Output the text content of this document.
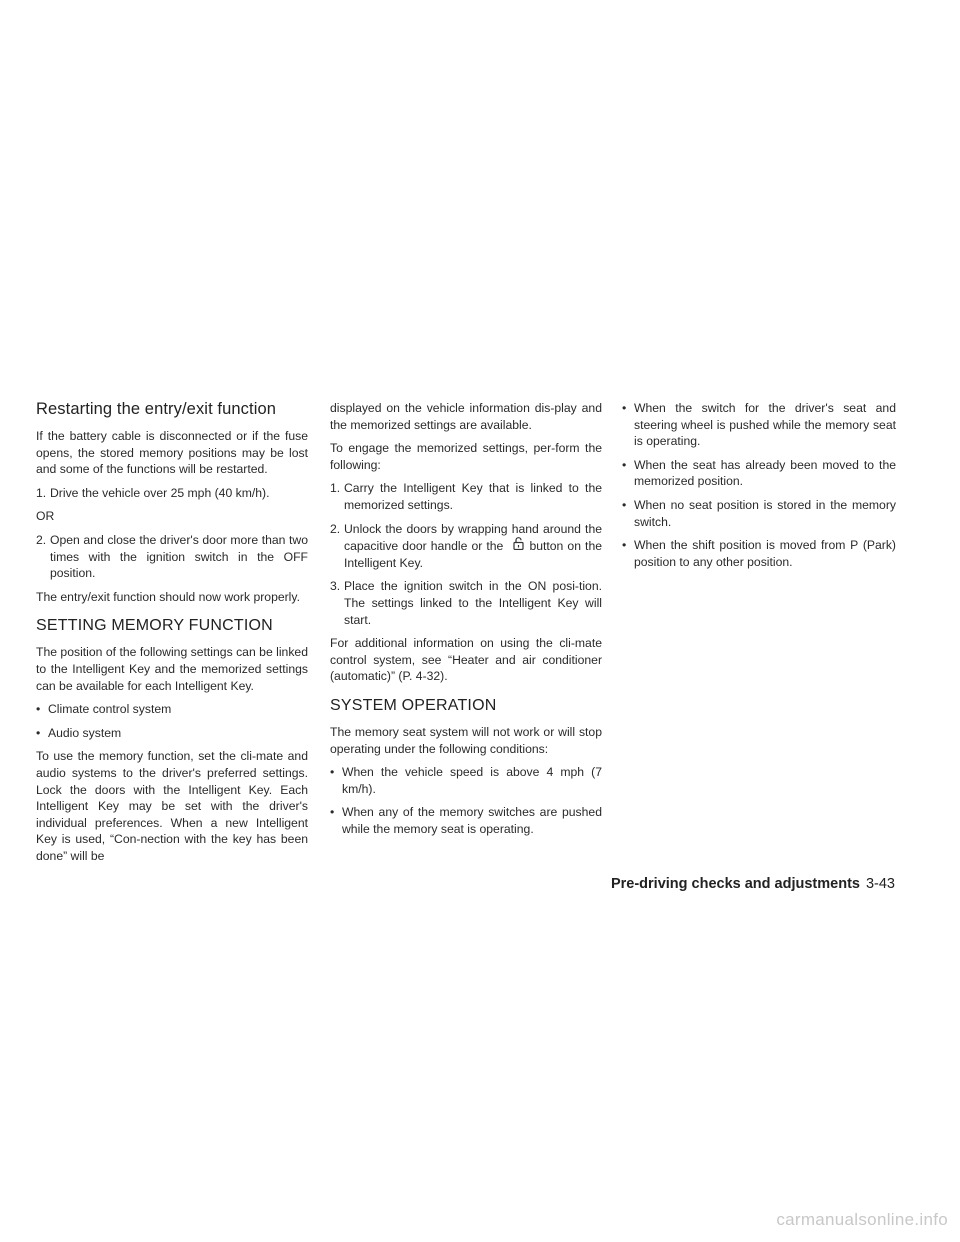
Restarting the entry/exit function

If the battery cable is disconnected or if the fuse opens, the stored memory positions may be lost and some of the functions will be restarted.

1. Drive the vehicle over 25 mph (40 km/h).

OR

2. Open and close the driver's door more than two times with the ignition switch in the OFF position.

The entry/exit function should now work properly.

SETTING MEMORY FUNCTION

The position of the following settings can be linked to the Intelligent Key and the memorized settings can be available for each Intelligent Key.

• Climate control system
• Audio system

To use the memory function, set the cli-mate and audio systems to the driver's preferred settings. Lock the doors with the Intelligent Key. Each Intelligent Key may be set with the driver's individual preferences. When a new Intelligent Key is used, “Con-nection with the key has been done” will be

displayed on the vehicle information dis-play and the memorized settings are available.

To engage the memorized settings, per-form the following:

1. Carry the Intelligent Key that is linked to the memorized settings.
2. Unlock the doors by wrapping hand around the capacitive door handle or the button on the Intelligent Key.
3. Place the ignition switch in the ON posi-tion. The settings linked to the Intelligent Key will start.

For additional information on using the cli-mate control system, see “Heater and air conditioner (automatic)” (P. 4-32).

SYSTEM OPERATION

The memory seat system will not work or will stop operating under the following conditions:

• When the vehicle speed is above 4 mph (7 km/h).
• When any of the memory switches are pushed while the memory seat is operating.
• When the switch for the driver's seat and steering wheel is pushed while the memory seat is operating.
• When the seat has already been moved to the memorized position.
• When no seat position is stored in the memory switch.
• When the shift position is moved from P (Park) position to any other position.
Pre-driving checks and adjustments 3-43
carmanualsonline.info
